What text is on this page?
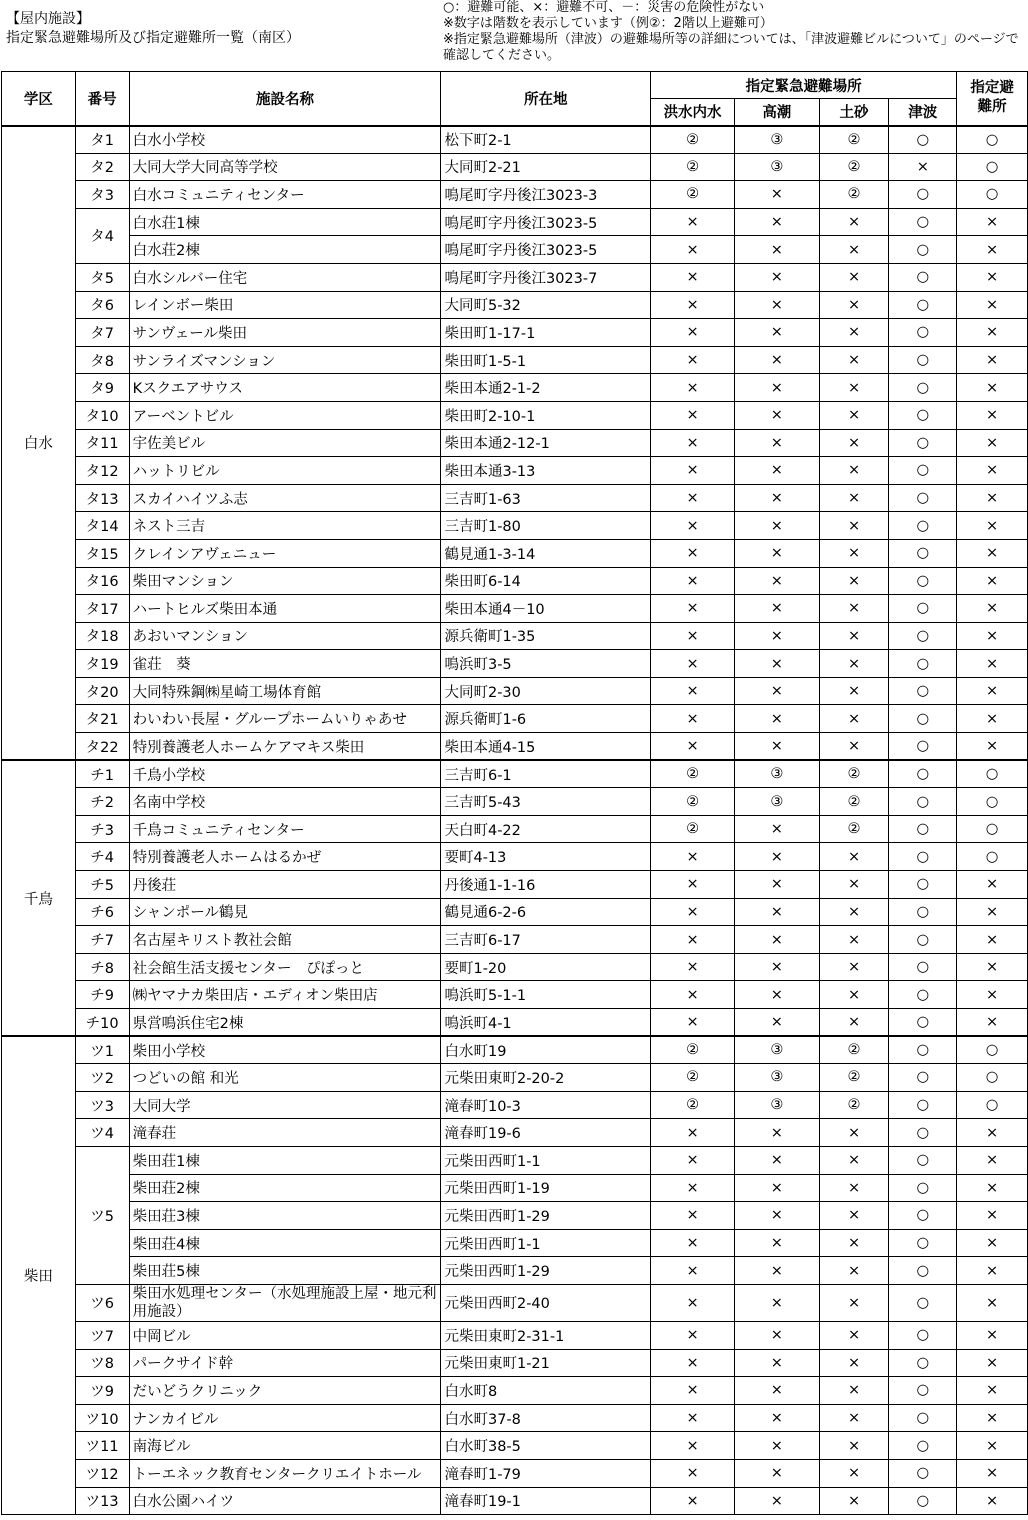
【屋内施設】
指定緊急避難場所及び指定避難所一覧（南区）
○：避難可能、×：避難不可、－：災害の危険性がない
※数字は階数を表示しています（例②：2階以上避難可）
※指定緊急避難場所（津波）の避難場所等の詳細については、「津波避難ビルについて」のページで確認してください。
学区	番号	施設名称	所在地	指定緊急避難場所				指定避難所
				洪水内水	高潮	土砂	津波	
白水	タ1	白水小学校	松下町2-1	②	③	②	○	○
	タ2	大同大学大同高等学校	大同町2-21	②	③	②	×	○
	タ3	白水コミュニティセンター	鳴尾町字丹後江3023-3	②	×	②	○	○
	タ4	白水荘1棟	鳴尾町字丹後江3023-5	×	×	×	○	×
		白水荘2棟	鳴尾町字丹後江3023-5	×	×	×	○	×
	タ5	白水シルバー住宅	鳴尾町字丹後江3023-7	×	×	×	○	×
	タ6	レインボー柴田	大同町5-32	×	×	×	○	×
	タ7	サンヴェール柴田	柴田町1-17-1	×	×	×	○	×
	タ8	サンライズマンション	柴田町1-5-1	×	×	×	○	×
	タ9	Kスクエアサウス	柴田本通2-1-2	×	×	×	○	×
	タ10	アーベントビル	柴田町2-10-1	×	×	×	○	×
	タ11	宇佐美ビル	柴田本通2-12-1	×	×	×	○	×
	タ12	ハットリビル	柴田本通3-13	×	×	×	○	×
	タ13	スカイハイツふ志	三吉町1-63	×	×	×	○	×
	タ14	ネスト三吉	三吉町1-80	×	×	×	○	×
	タ15	クレインアヴェニュー	鶴見通1-3-14	×	×	×	○	×
	タ16	柴田マンション	柴田町6-14	×	×	×	○	×
	タ17	ハートヒルズ柴田本通	柴田本通4－10	×	×	×	○	×
	タ18	あおいマンション	源兵衛町1-35	×	×	×	○	×
	タ19	雀荘　葵	鳴浜町3-5	×	×	×	○	×
	タ20	大同特殊鋼㈱星崎工場体育館	大同町2-30	×	×	×	○	×
	タ21	わいわい長屋・グループホームいりゃあせ	源兵衛町1-6	×	×	×	○	×
	タ22	特別養護老人ホームケアマキス柴田	柴田本通4-15	×	×	×	○	×
千鳥	チ1	千鳥小学校	三吉町6-1	②	③	②	○	○
	チ2	名南中学校	三吉町5-43	②	③	②	○	○
	チ3	千鳥コミュニティセンター	天白町4-22	②	×	②	○	○
	チ4	特別養護老人ホームはるかぜ	要町4-13	×	×	×	○	○
	チ5	丹後荘	丹後通1-1-16	×	×	×	○	×
	チ6	シャンポール鶴見	鶴見通6-2-6	×	×	×	○	×
	チ7	名古屋キリスト教社会館	三吉町6-17	×	×	×	○	×
	チ8	社会館生活支援センター　ぴぽっと	要町1-20	×	×	×	○	×
	チ9	㈱ヤマナカ柴田店・エディオン柴田店	鳴浜町5-1-1	×	×	×	○	×
	チ10	県営鳴浜住宅2棟	鳴浜町4-1	×	×	×	○	×
柴田	ツ1	柴田小学校	白水町19	②	③	②	○	○
	ツ2	つどいの館 和光	元柴田東町2-20-2	②	③	②	○	○
	ツ3	大同大学	滝春町10-3	②	③	②	○	○
	ツ4	滝春荘	滝春町19-6	×	×	×	○	×
	ツ5	柴田荘1棟	元柴田西町1-1	×	×	×	○	×
		柴田荘2棟	元柴田西町1-19	×	×	×	○	×
		柴田荘3棟	元柴田西町1-29	×	×	×	○	×
		柴田荘4棟	元柴田西町1-1	×	×	×	○	×
		柴田荘5棟	元柴田西町1-29	×	×	×	○	×
	ツ6	柴田水処理センター（水処理施設上屋・地元利用施設）	元柴田西町2-40	×	×	×	○	×
	ツ7	中岡ビル	元柴田東町2-31-1	×	×	×	○	×
	ツ8	パークサイド幹	元柴田東町1-21	×	×	×	○	×
	ツ9	だいどうクリニック	白水町8	×	×	×	○	×
	ツ10	ナンカイビル	白水町37-8	×	×	×	○	×
	ツ11	南海ビル	白水町38-5	×	×	×	○	×
	ツ12	トーエネック教育センタークリエイトホール	滝春町1-79	×	×	×	○	×
	ツ13	白水公園ハイツ	滝春町19-1	×	×	×	○	×
